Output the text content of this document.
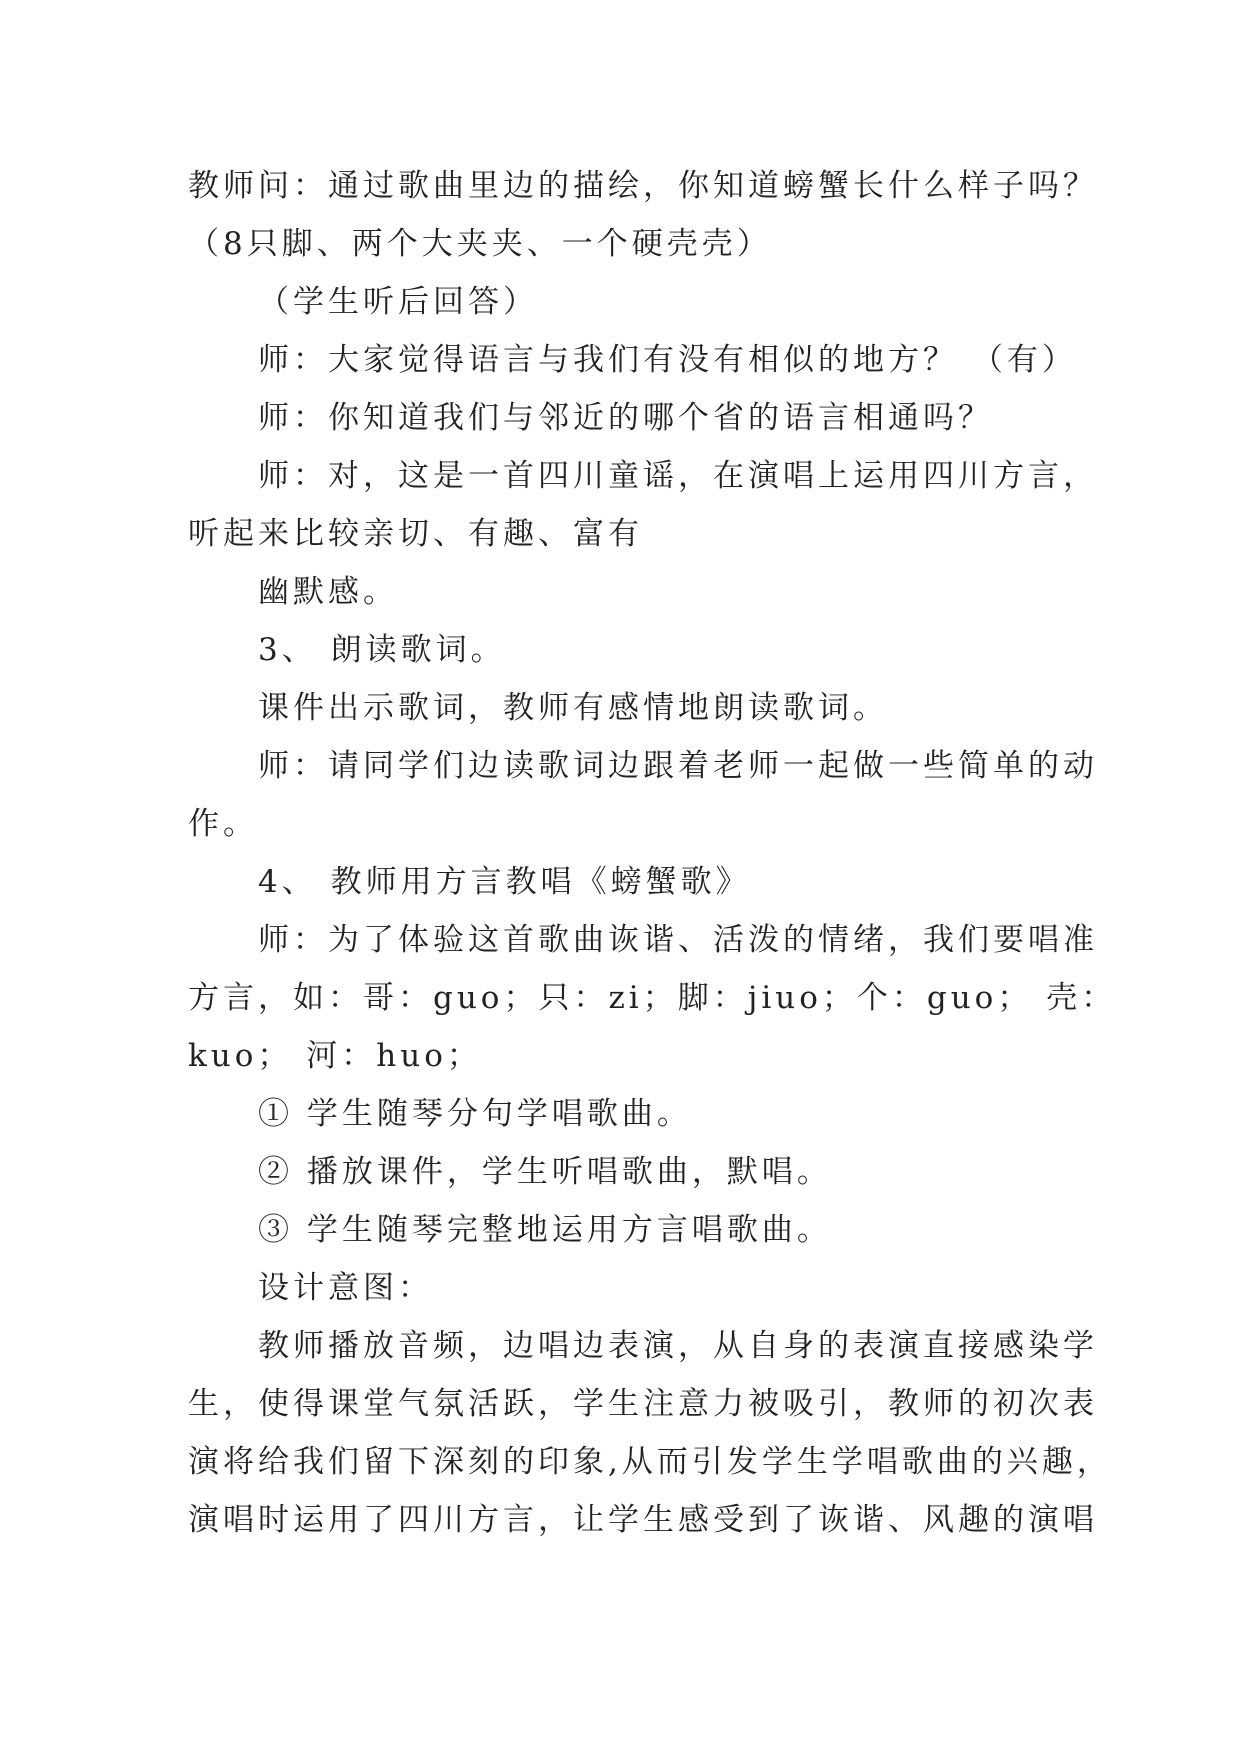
教师问：通过歌曲里边的描绘，你知道螃蟹长什么样子吗？
（8只脚、两个大夹夹、一个硬壳壳）
（学生听后回答）
师：大家觉得语言与我们有没有相似的地方？ （有）
师：你知道我们与邻近的哪个省的语言相通吗？
师：对，这是一首四川童谣，在演唱上运用四川方言，
听起来比较亲切、有趣、富有
幽默感。
3、 朗读歌词。
课件出示歌词，教师有感情地朗读歌词。
师：请同学们边读歌词边跟着老师一起做一些简单的动
作。
4、 教师用方言教唱《螃蟹歌》
师：为了体验这首歌曲诙谐、活泼的情绪，我们要唱准
方言，如：哥：guo；只：zi；脚：jiuo；个：guo； 壳：
kuo； 河：huo；
① 学生随琴分句学唱歌曲。
② 播放课件，学生听唱歌曲，默唱。
③ 学生随琴完整地运用方言唱歌曲。
设计意图：
教师播放音频，边唱边表演，从自身的表演直接感染学
生，使得课堂气氛活跃，学生注意力被吸引，教师的初次表
演将给我们留下深刻的印象,从而引发学生学唱歌曲的兴趣，
演唱时运用了四川方言，让学生感受到了诙谐、风趣的演唱
